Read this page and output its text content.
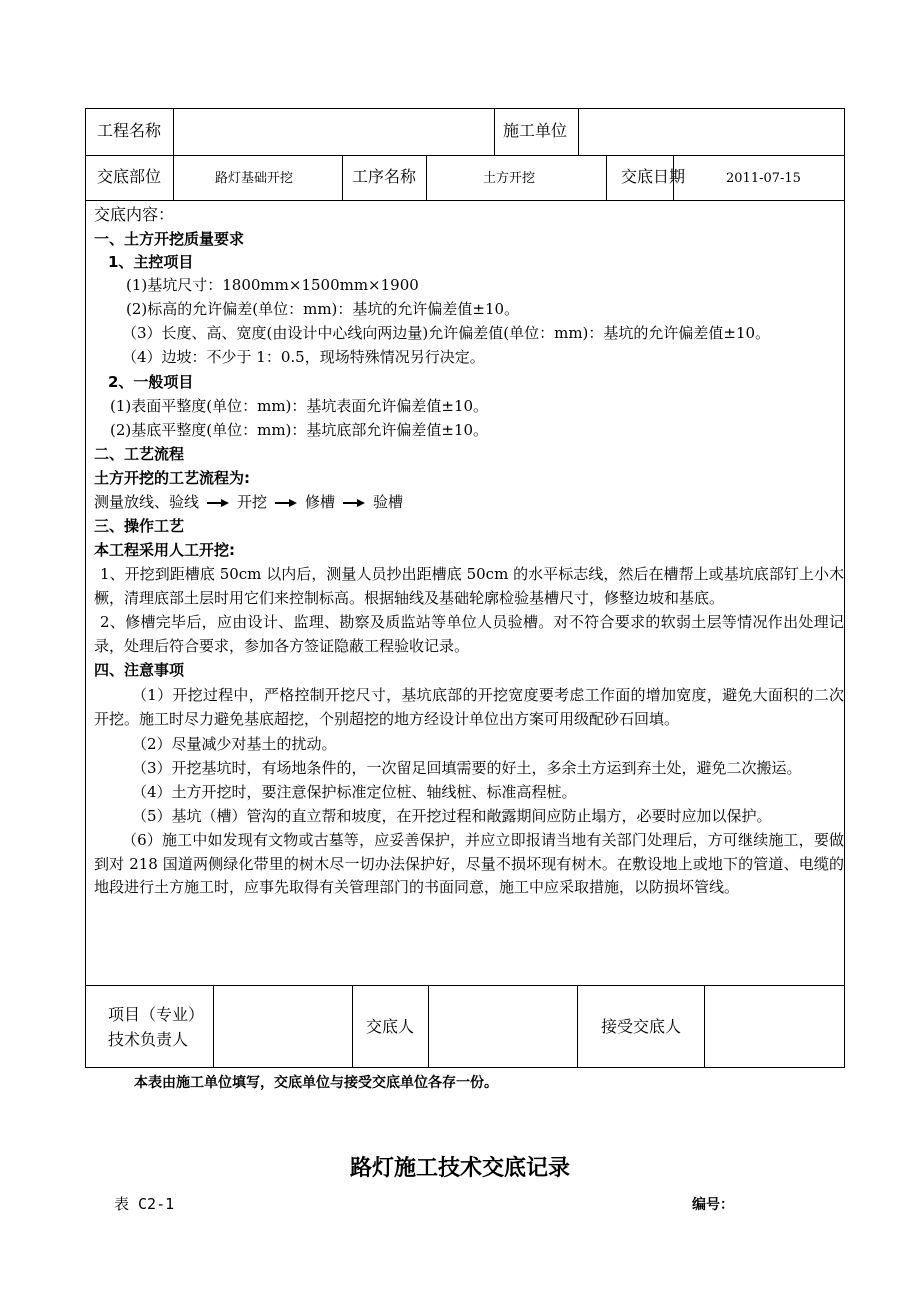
工程名称	施工单位
交底部位	路灯基础开挖	工序名称	土方开挖	交底日期	2011-07-15
交底内容：
一、土方开挖质量要求
1、主控项目
(1)基坑尺寸：1800mm×1500mm×1900
(2)标高的允许偏差(单位：mm)：基坑的允许偏差值±10。
（3）长度、高、宽度(由设计中心线向两边量)允许偏差值(单位：mm)：基坑的允许偏差值±10。
（4）边坡：不少于 1：0.5，现场特殊情况另行决定。
2、一般项目
(1)表面平整度(单位：mm)：基坑表面允许偏差值±10。
(2)基底平整度(单位：mm)：基坑底部允许偏差值±10。
二、工艺流程
土方开挖的工艺流程为:
测量放线、验线	开挖	修槽	验槽
三、操作工艺
本工程采用人工开挖:
1、开挖到距槽底 50cm 以内后，测量人员抄出距槽底 50cm 的水平标志线，然后在槽帮上或基坑底部钉上小木橛，清理底部土层时用它们来控制标高。根据轴线及基础轮廓检验基槽尺寸，修整边坡和基底。
2、修槽完毕后，应由设计、监理、勘察及质监站等单位人员验槽。对不符合要求的软弱土层等情况作出处理记录，处理后符合要求，参加各方签证隐蔽工程验收记录。
四、注意事项
（1）开挖过程中，严格控制开挖尺寸，基坑底部的开挖宽度要考虑工作面的增加宽度，避免大面积的二次开挖。施工时尽力避免基底超挖，个别超挖的地方经设计单位出方案可用级配砂石回填。
（2）尽量减少对基土的扰动。
（3）开挖基坑时，有场地条件的，一次留足回填需要的好土，多余土方运到弃土处，避免二次搬运。
（4）土方开挖时，要注意保护标准定位桩、轴线桩、标准高程桩。
（5）基坑（槽）管沟的直立帮和坡度，在开挖过程和敞露期间应防止塌方，必要时应加以保护。
（6）施工中如发现有文物或古墓等，应妥善保护，并应立即报请当地有关部门处理后，方可继续施工，要做到对 218 国道两侧绿化带里的树木尽一切办法保护好，尽量不损坏现有树木。在敷设地上或地下的管道、电缆的地段进行土方施工时，应事先取得有关管理部门的书面同意，施工中应采取措施，以防损坏管线。
项目（专业）
技术负责人
交底人	接受交底人
本表由施工单位填写，交底单位与接受交底单位各存一份。
路灯施工技术交底记录
表 C2-1	编号：
